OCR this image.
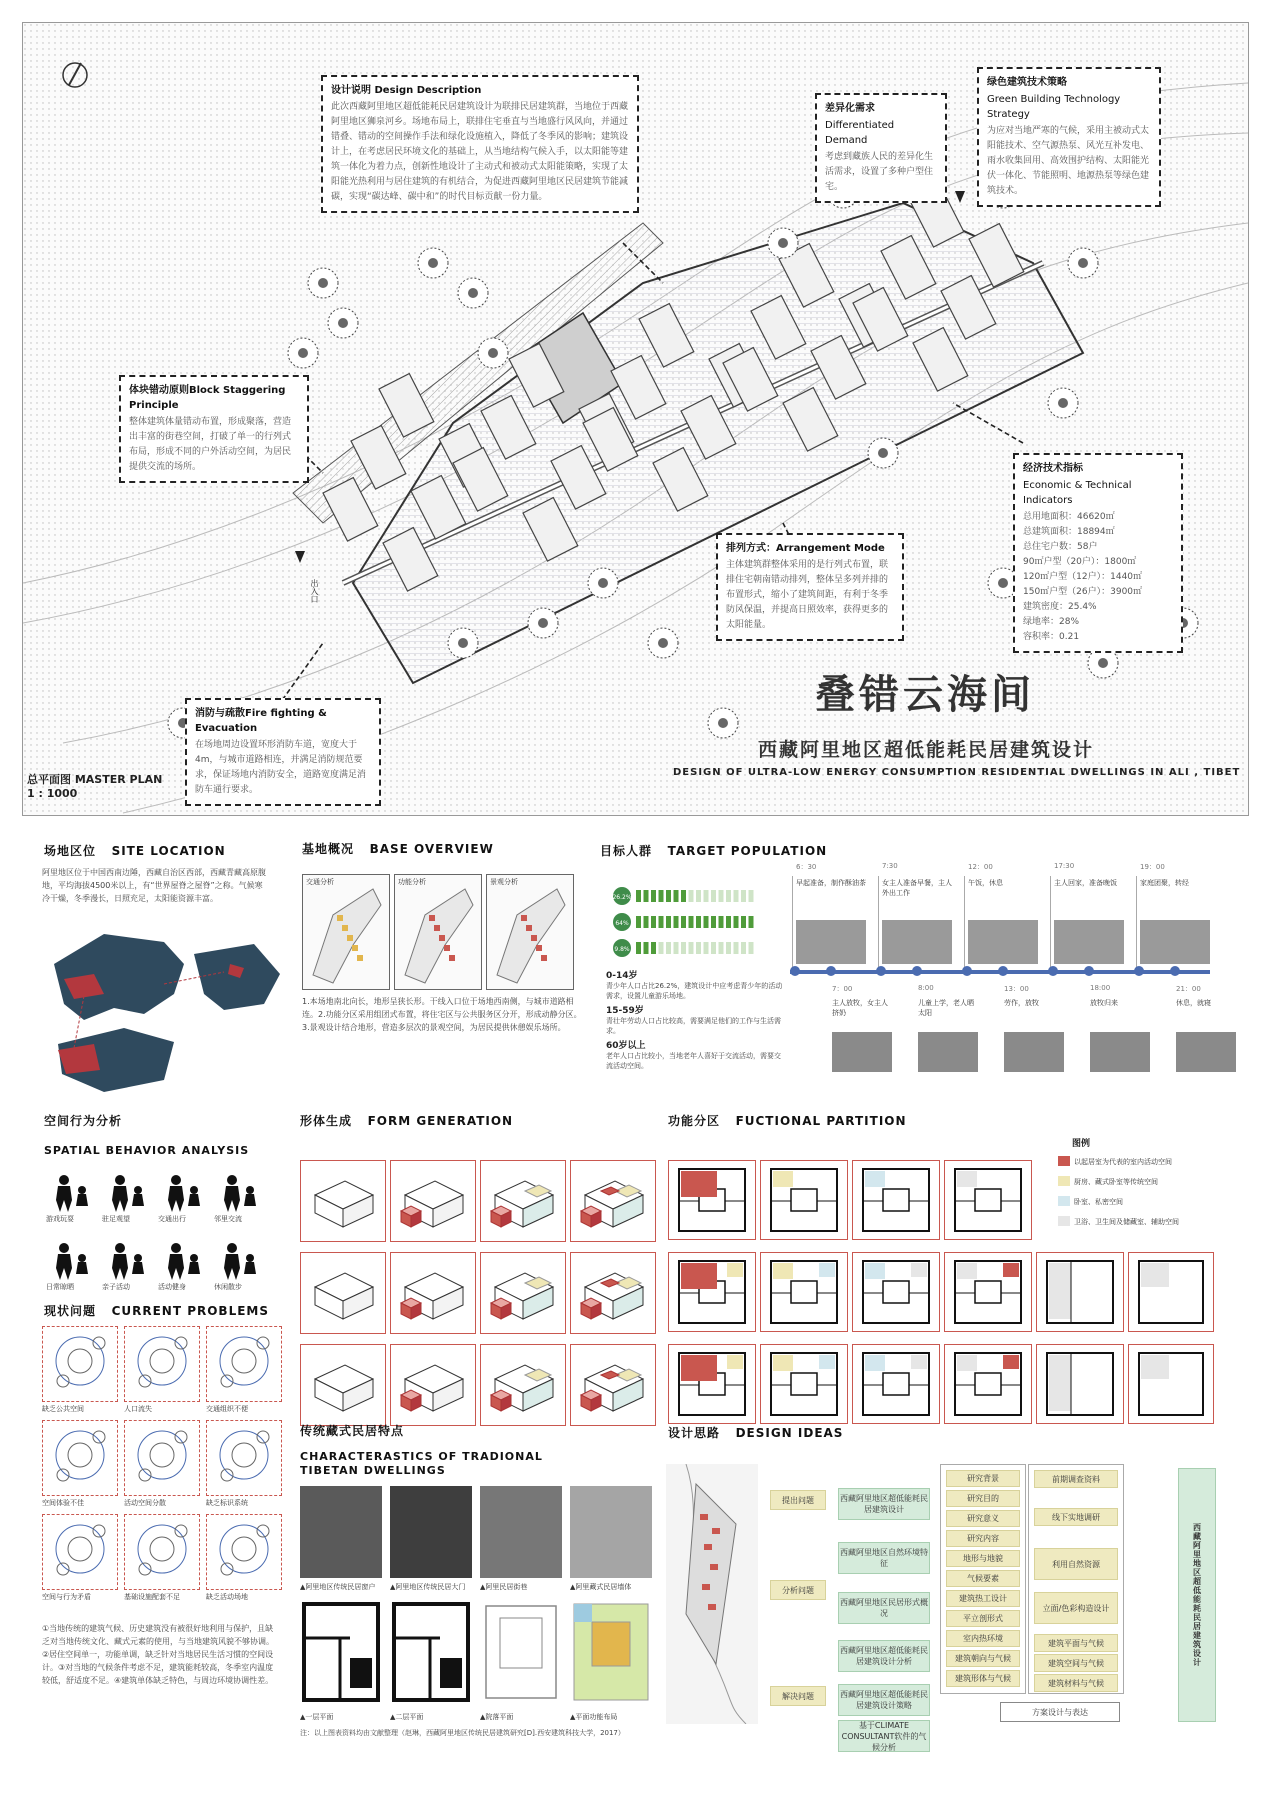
设计说明 Design Description
此次西藏阿里地区超低能耗民居建筑设计为联排民居建筑群，当地位于西藏阿里地区狮泉河乡。场地布局上，联排住宅垂直与当地盛行风风向，并通过错叠、错动的空间操作手法和绿化设施植入，降低了冬季风的影响；建筑设计上，在考虑居民环境文化的基础上，从当地结构气候入手，以太阳能等建筑一体化为着力点，创新性地设计了主动式和被动式太阳能策略，实现了太阳能光热利用与居住建筑的有机结合，为促进西藏阿里地区民居建筑节能减碳，实现“碳达峰、碳中和”的时代目标贡献一份力量。
差异化需求
Differentiated Demand
考虑到藏族人民的差异化生活需求，设置了多种户型住宅。
绿色建筑技术策略
Green Building Technology Strategy
为应对当地严寒的气候，采用主被动式太阳能技术、空气源热泵、风光互补发电、雨水收集回用、高效围护结构、太阳能光伏一体化、节能照明、地源热泵等绿色建筑技术。
体块错动原则Block Staggering Principle
整体建筑体量错动布置，形成聚落，营造出丰富的街巷空间，打破了单一的行列式布局，形成不同的户外活动空间，为居民提供交流的场所。
排列方式：Arrangement Mode
主体建筑群整体采用的是行列式布置，联排住宅朝南错动排列，整体呈多列并排的布置形式，缩小了建筑间距，有利于冬季防风保温，并提高日照效率，获得更多的太阳能量。
消防与疏散Fire fighting & Evacuation
在场地周边设置环形消防车道，宽度大于4m，与城市道路相连，并满足消防规范要求，保证场地内消防安全，道路宽度满足消防车通行要求。
经济技术指标
Economic & Technical Indicators
总用地面积：46620㎡
总建筑面积：18894㎡
总住宅户数：58户
90㎡户型（20户）：1800㎡
120㎡户型（12户）：1440㎡
150㎡户型（26户）：3900㎡
建筑密度：25.4%
绿地率：28%
容积率：0.21
出入口
叠错云海间
西藏阿里地区超低能耗民居建筑设计
DESIGN OF ULTRA-LOW ENERGY CONSUMPTION RESIDENTIAL DWELLINGS IN ALI , TIBET
总平面图 MASTER PLAN
1 : 1000
场地区位 SITE LOCATION
阿里地区位于中国西南边陲，西藏自治区西部，西藏青藏高原腹地，平均海拔4500米以上，有“世界屋脊之屋脊”之称。气候寒冷干燥，冬季漫长，日照充足，太阳能资源丰富。
基地概况 BASE OVERVIEW
交通分析	功能分析	景观分析
1.本场地南北向长，地形呈狭长形。干线入口位于场地西南侧，与城市道路相连。2.功能分区采用组团式布置，将住宅区与公共服务区分开，形成动静分区。3.景观设计结合地形，营造多层次的景观空间，为居民提供休憩娱乐场所。
目标人群 TARGET POPULATION
26.2%
64%
9.8%
0-14岁
青少年人口占比26.2%，建筑设计中应考虑青少年的活动需求，设置儿童游乐场地。
15-59岁
青壮年劳动人口占比较高，需要满足他们的工作与生活需求。
60岁以上
老年人口占比较小，当地老年人喜好于交流活动，需要交流活动空间。
6：30
早起准备，制作酥油茶
7:30
女主人准备早餐，主人外出工作
12：00
午饭，休息
17:30
主人回家，准备晚饭
19：00
家庭团聚，转经
7：00
主人放牧，女主人挤奶
8:00
儿童上学，老人晒太阳
13：00
劳作，放牧
18:00
放牧归来
21：00
休息，就寝
空间行为分析
SPATIAL BEHAVIOR ANALYSIS
游戏玩耍	驻足观望	交通出行	邻里交流
日常晾晒	亲子活动	活动健身	休闲散步
现状问题 CURRENT PROBLEMS
缺乏公共空间	人口流失	交通组织不便
空间体验不佳	活动空间分散	缺乏标识系统
空间与行为矛盾	基础设施配套不足	缺乏活动场地
①当地传统的建筑气候、历史建筑没有被很好地利用与保护，且缺乏对当地传统文化、藏式元素的使用，与当地建筑风貌不够协调。②居住空间单一，功能单调，缺乏针对当地居民生活习惯的空间设计。③对当地的气候条件考虑不足，建筑能耗较高，冬季室内温度较低，舒适度不足。④建筑单体缺乏特色，与周边环境协调性差。
形体生成 FORM GENERATION	功能分区 FUCTIONAL PARTITION
图例
以起居室为代表的室内活动空间
厨房、藏式卧室等传统空间
卧室、私密空间
卫浴、卫生间及储藏室、辅助空间
传统藏式民居特点
CHARACTERASTICS OF TRADIONAL TIBETAN DWELLINGS
▲阿里地区传统民居窗户 ▲阿里地区传统民居大门 ▲阿里民居街巷	▲阿里藏式民居墙体
▲一层平面	▲二层平面	▲院落平面	▲平面功能布局
注：以上图表资料均由文献整理（赵琳，西藏阿里地区传统民居建筑研究[D].西安建筑科技大学，2017）
设计思路 DESIGN IDEAS
提出问题
分析问题
解决问题
西藏阿里地区超低能耗民居建筑设计
西藏阿里地区自然环境特征
西藏阿里地区民居形式概况
西藏阿里地区超低能耗民居建筑设计分析
西藏阿里地区超低能耗民居建筑设计策略
基于CLIMATE CONSULTANT软件的气候分析
研究背景
研究目的
研究意义
研究内容
地形与地貌
气候要素
建筑热工设计
平立剖形式
室内热环境
建筑朝向与气候
建筑形体与气候
前期调查资料
线下实地调研
利用自然资源
立面/色彩构造设计
建筑平面与气候
建筑空间与气候
建筑材料与气候
方案设计与表达
西藏阿里地区超低能耗民居建筑设计
